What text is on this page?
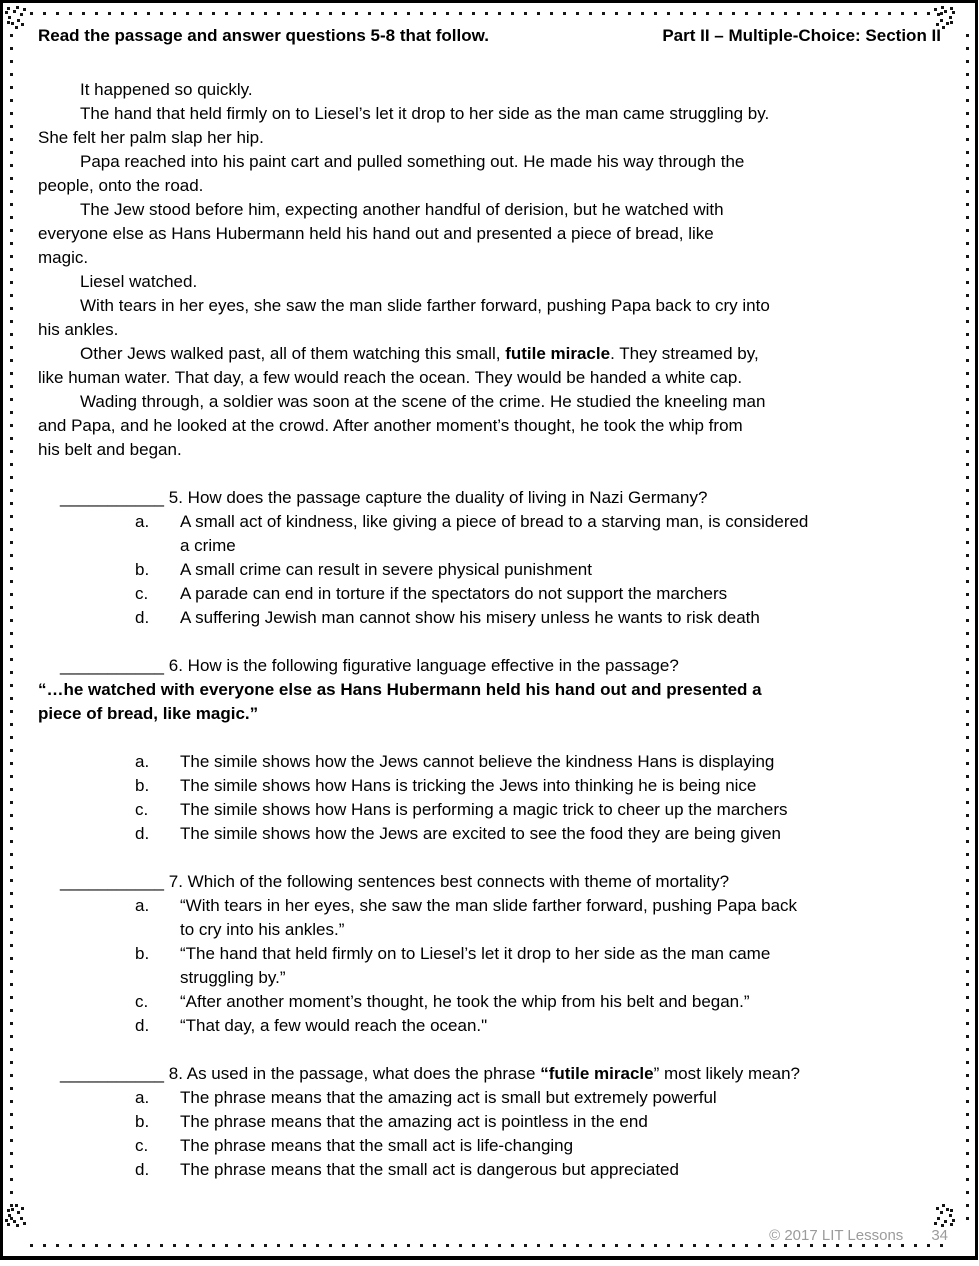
Read the passage and answer questions 5-8 that follow.	Part II – Multiple-Choice: Section II
It happened so quickly.
The hand that held firmly on to Liesel’s let it drop to her side as the man came struggling by.
She felt her palm slap her hip.
Papa reached into his paint cart and pulled something out. He made his way through the
people, onto the road.
The Jew stood before him, expecting another handful of derision, but he watched with
everyone else as Hans Hubermann held his hand out and presented a piece of bread, like
magic.
Liesel watched.
With tears in her eyes, she saw the man slide farther forward, pushing Papa back to cry into
his ankles.
Other Jews walked past, all of them watching this small, futile miracle. They streamed by,
like human water. That day, a few would reach the ocean. They would be handed a white cap.
Wading through, a soldier was soon at the scene of the crime. He studied the kneeling man
and Papa, and he looked at the crowd. After another moment’s thought, he took the whip from
his belt and began.
___________ 5. How does the passage capture the duality of living in Nazi Germany?
a.	A small act of kindness, like giving a piece of bread to a starving man, is considered
a crime
b.	A small crime can result in severe physical punishment
c.	A parade can end in torture if the spectators do not support the marchers
d.	A suffering Jewish man cannot show his misery unless he wants to risk death
___________ 6. How is the following figurative language effective in the passage?
“…he watched with everyone else as Hans Hubermann held his hand out and presented a
piece of bread, like magic.”
a.	The simile shows how the Jews cannot believe the kindness Hans is displaying
b.	The simile shows how Hans is tricking the Jews into thinking he is being nice
c.	The simile shows how Hans is performing a magic trick to cheer up the marchers
d.	The simile shows how the Jews are excited to see the food they are being given
___________ 7. Which of the following sentences best connects with theme of mortality?
a.	“With tears in her eyes, she saw the man slide farther forward, pushing Papa back
to cry into his ankles.”
b.	“The hand that held firmly on to Liesel’s let it drop to her side as the man came
struggling by.”
c.	“After another moment’s thought, he took the whip from his belt and began.”
d.	“That day, a few would reach the ocean."
___________ 8. As used in the passage, what does the phrase “futile miracle” most likely mean?
a.	The phrase means that the amazing act is small but extremely powerful
b.	The phrase means that the amazing act is pointless in the end
c.	The phrase means that the small act is life-changing
d.	The phrase means that the small act is dangerous but appreciated
© 2017 LIT Lessons 34
